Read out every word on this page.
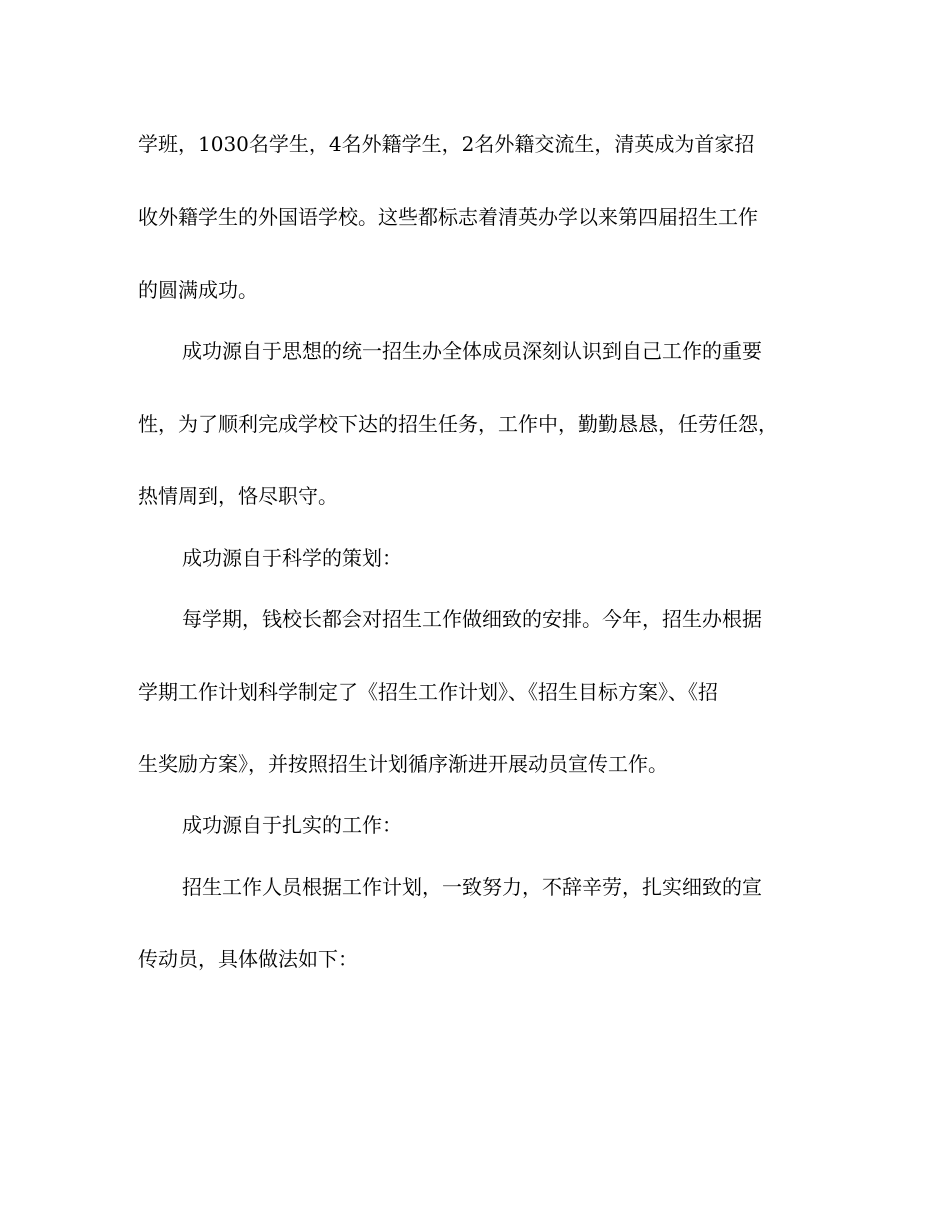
学班，1030名学生，4名外籍学生，2名外籍交流生，清英成为首家招
收外籍学生的外国语学校。这些都标志着清英办学以来第四届招生工作
的圆满成功。
成功源自于思想的统一招生办全体成员深刻认识到自己工作的重要
性，为了顺利完成学校下达的招生任务，工作中，勤勤恳恳，任劳任怨，
热情周到，恪尽职守。
成功源自于科学的策划：
每学期，钱校长都会对招生工作做细致的安排。今年，招生办根据
学期工作计划科学制定了《招生工作计划》、《招生目标方案》、《招
生奖励方案》，并按照招生计划循序渐进开展动员宣传工作。
成功源自于扎实的工作：
招生工作人员根据工作计划，一致努力，不辞辛劳，扎实细致的宣
传动员，具体做法如下：
